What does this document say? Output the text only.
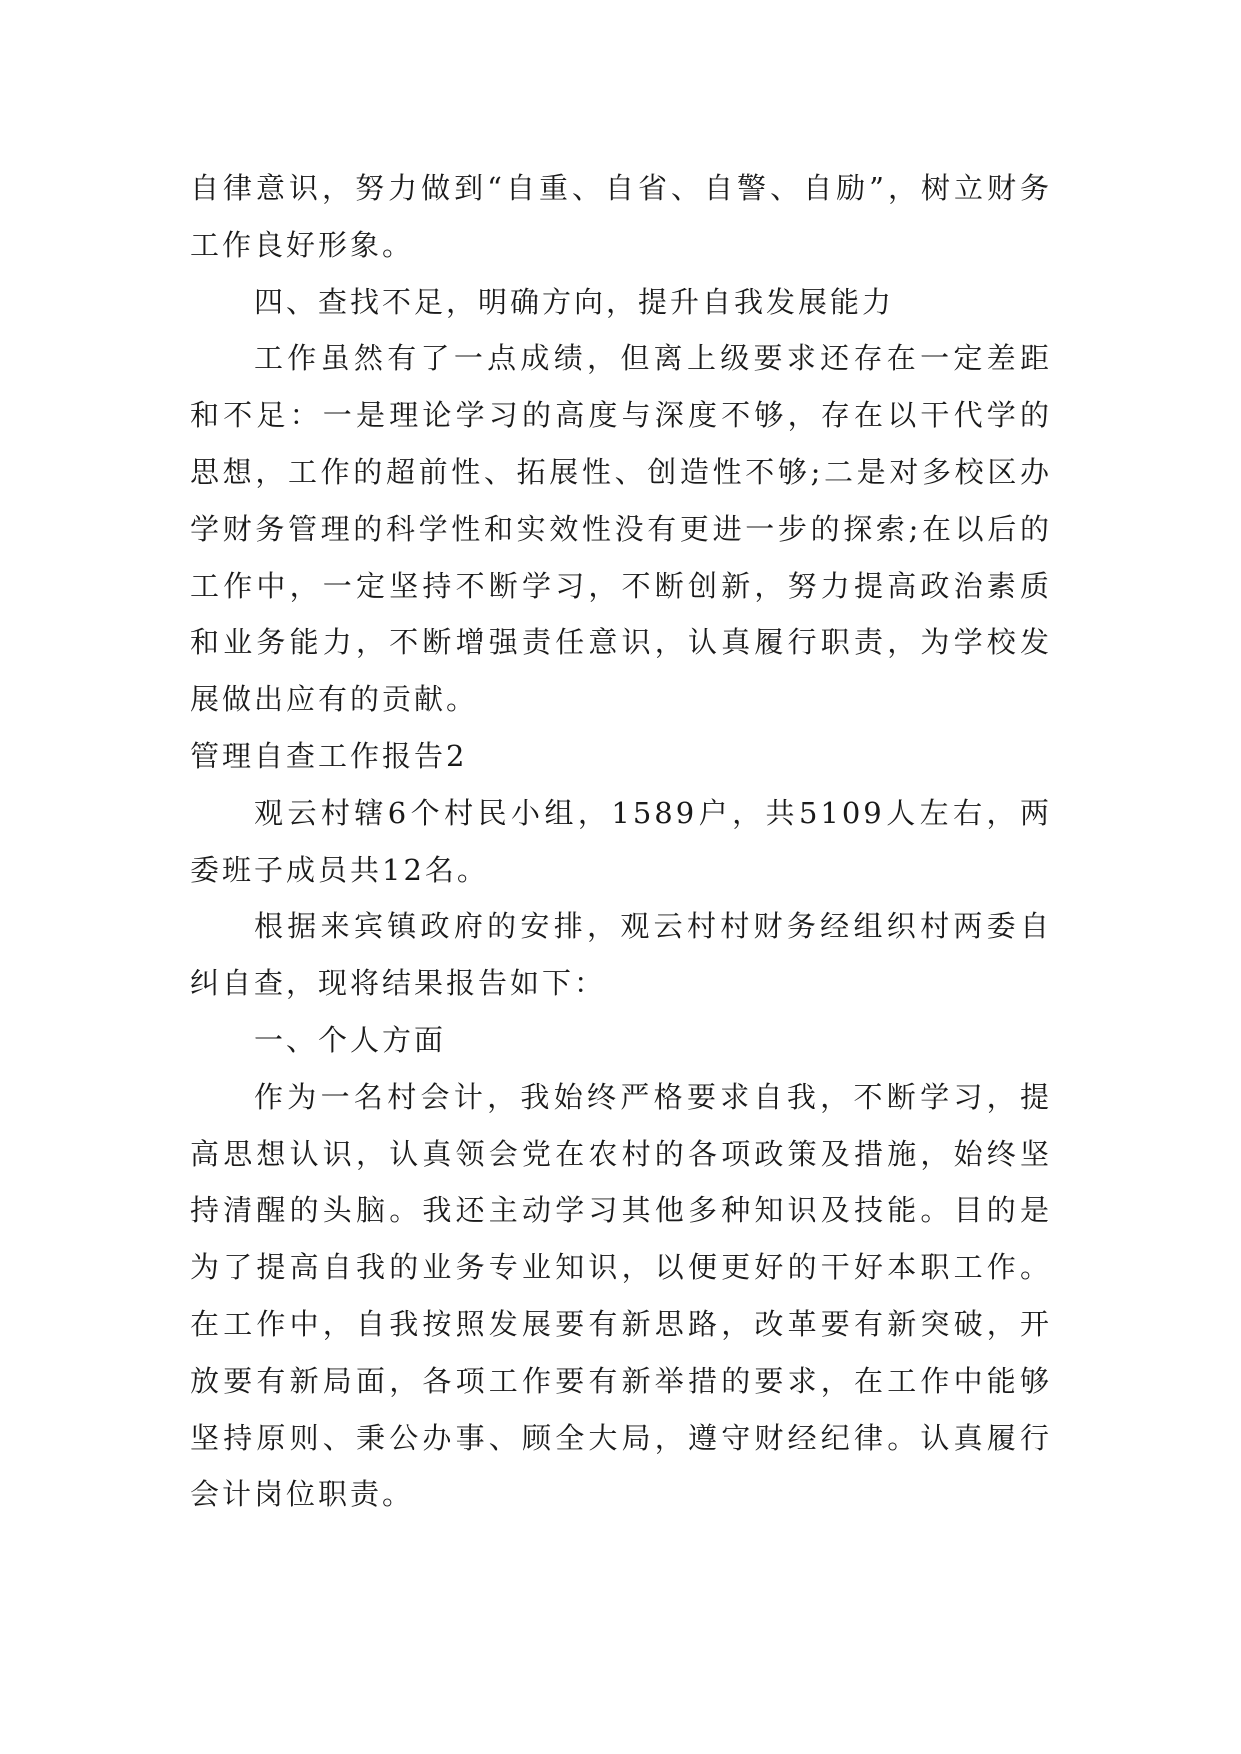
自律意识，努力做到“自重、自省、自警、自励”，树立财务工作良好形象。

四、查找不足，明确方向，提升自我发展能力

工作虽然有了一点成绩，但离上级要求还存在一定差距和不足：一是理论学习的高度与深度不够，存在以干代学的思想，工作的超前性、拓展性、创造性不够;二是对多校区办学财务管理的科学性和实效性没有更进一步的探索;在以后的工作中，一定坚持不断学习，不断创新，努力提高政治素质和业务能力，不断增强责任意识，认真履行职责，为学校发展做出应有的贡献。

管理自查工作报告2

观云村辖6个村民小组，1589户，共5109人左右，两委班子成员共12名。

根据来宾镇政府的安排，观云村村财务经组织村两委自纠自查，现将结果报告如下：

一、个人方面

作为一名村会计，我始终严格要求自我，不断学习，提高思想认识，认真领会党在农村的各项政策及措施，始终坚持清醒的头脑。我还主动学习其他多种知识及技能。目的是为了提高自我的业务专业知识，以便更好的干好本职工作。在工作中，自我按照发展要有新思路，改革要有新突破，开放要有新局面，各项工作要有新举措的要求，在工作中能够坚持原则、秉公办事、顾全大局，遵守财经纪律。认真履行会计岗位职责。
